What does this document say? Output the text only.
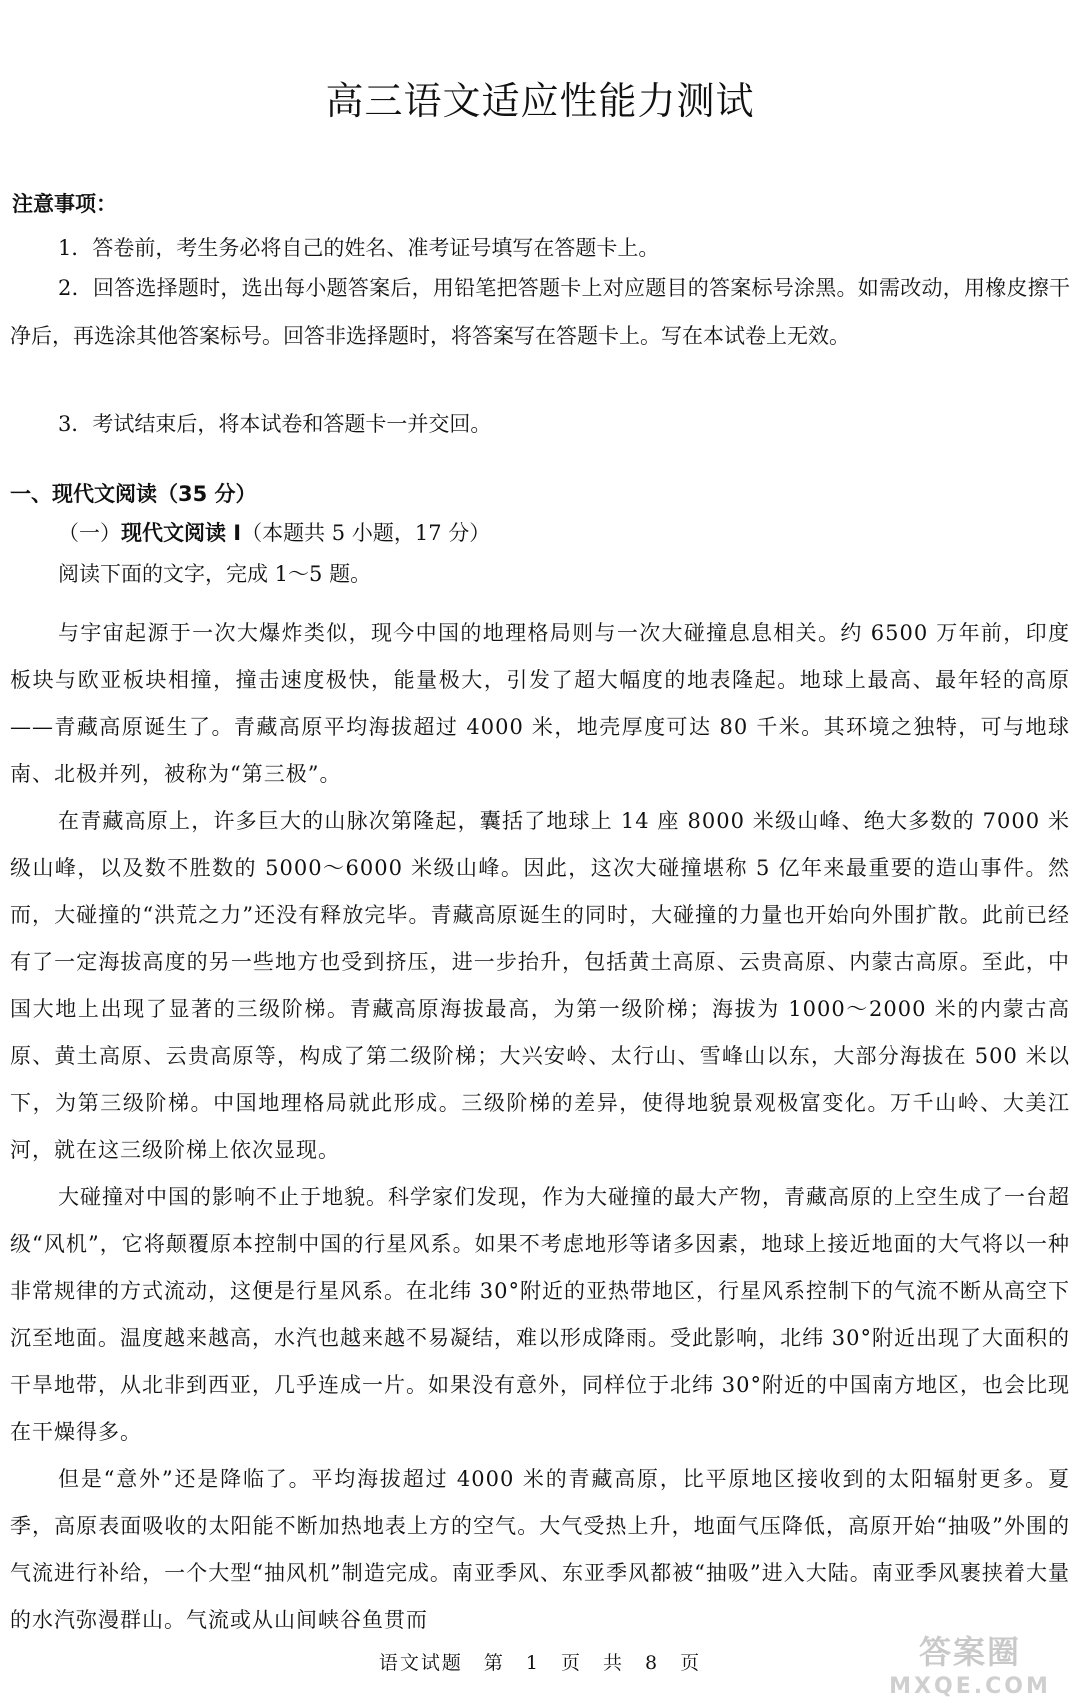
高三语文适应性能力测试
注意事项：
1．答卷前，考生务必将自己的姓名、准考证号填写在答题卡上。
2．回答选择题时，选出每小题答案后，用铅笔把答题卡上对应题目的答案标号涂黑。如需改动，用橡皮擦干净后，再选涂其他答案标号。回答非选择题时，将答案写在答题卡上。写在本试卷上无效。
3．考试结束后，将本试卷和答题卡一并交回。
一、现代文阅读（35 分）
（一）现代文阅读 I（本题共 5 小题，17 分）
阅读下面的文字，完成 1～5 题。

与宇宙起源于一次大爆炸类似，现今中国的地理格局则与一次大碰撞息息相关。约 6500 万年前，印度板块与欧亚板块相撞，撞击速度极快，能量极大，引发了超大幅度的地表隆起。地球上最高、最年轻的高原——青藏高原诞生了。青藏高原平均海拔超过 4000 米，地壳厚度可达 80 千米。其环境之独特，可与地球南、北极并列，被称为“第三极”。

在青藏高原上，许多巨大的山脉次第隆起，囊括了地球上 14 座 8000 米级山峰、绝大多数的 7000 米级山峰，以及数不胜数的 5000～6000 米级山峰。因此，这次大碰撞堪称 5 亿年来最重要的造山事件。然而，大碰撞的“洪荒之力”还没有释放完毕。青藏高原诞生的同时，大碰撞的力量也开始向外围扩散。此前已经有了一定海拔高度的另一些地方也受到挤压，进一步抬升，包括黄土高原、云贵高原、内蒙古高原。至此，中国大地上出现了显著的三级阶梯。青藏高原海拔最高，为第一级阶梯；海拔为 1000～2000 米的内蒙古高原、黄土高原、云贵高原等，构成了第二级阶梯；大兴安岭、太行山、雪峰山以东，大部分海拔在 500 米以下，为第三级阶梯。中国地理格局就此形成。三级阶梯的差异，使得地貌景观极富变化。万千山岭、大美江河，就在这三级阶梯上依次显现。

大碰撞对中国的影响不止于地貌。科学家们发现，作为大碰撞的最大产物，青藏高原的上空生成了一台超级“风机”，它将颠覆原本控制中国的行星风系。如果不考虑地形等诸多因素，地球上接近地面的大气将以一种非常规律的方式流动，这便是行星风系。在北纬 30°附近的亚热带地区，行星风系控制下的气流不断从高空下沉至地面。温度越来越高，水汽也越来越不易凝结，难以形成降雨。受此影响，北纬 30°附近出现了大面积的干旱地带，从北非到西亚，几乎连成一片。如果没有意外，同样位于北纬 30°附近的中国南方地区，也会比现在干燥得多。

但是“意外”还是降临了。平均海拔超过 4000 米的青藏高原，比平原地区接收到的太阳辐射更多。夏季，高原表面吸收的太阳能不断加热地表上方的空气。大气受热上升，地面气压降低，高原开始“抽吸”外围的气流进行补给，一个大型“抽风机”制造完成。南亚季风、东亚季风都被“抽吸”进入大陆。南亚季风裹挟着大量的水汽弥漫群山。气流或从山间峡谷鱼贯而

语文试题　第　1　页　共　8　页	答案圈
MXQE.COM
